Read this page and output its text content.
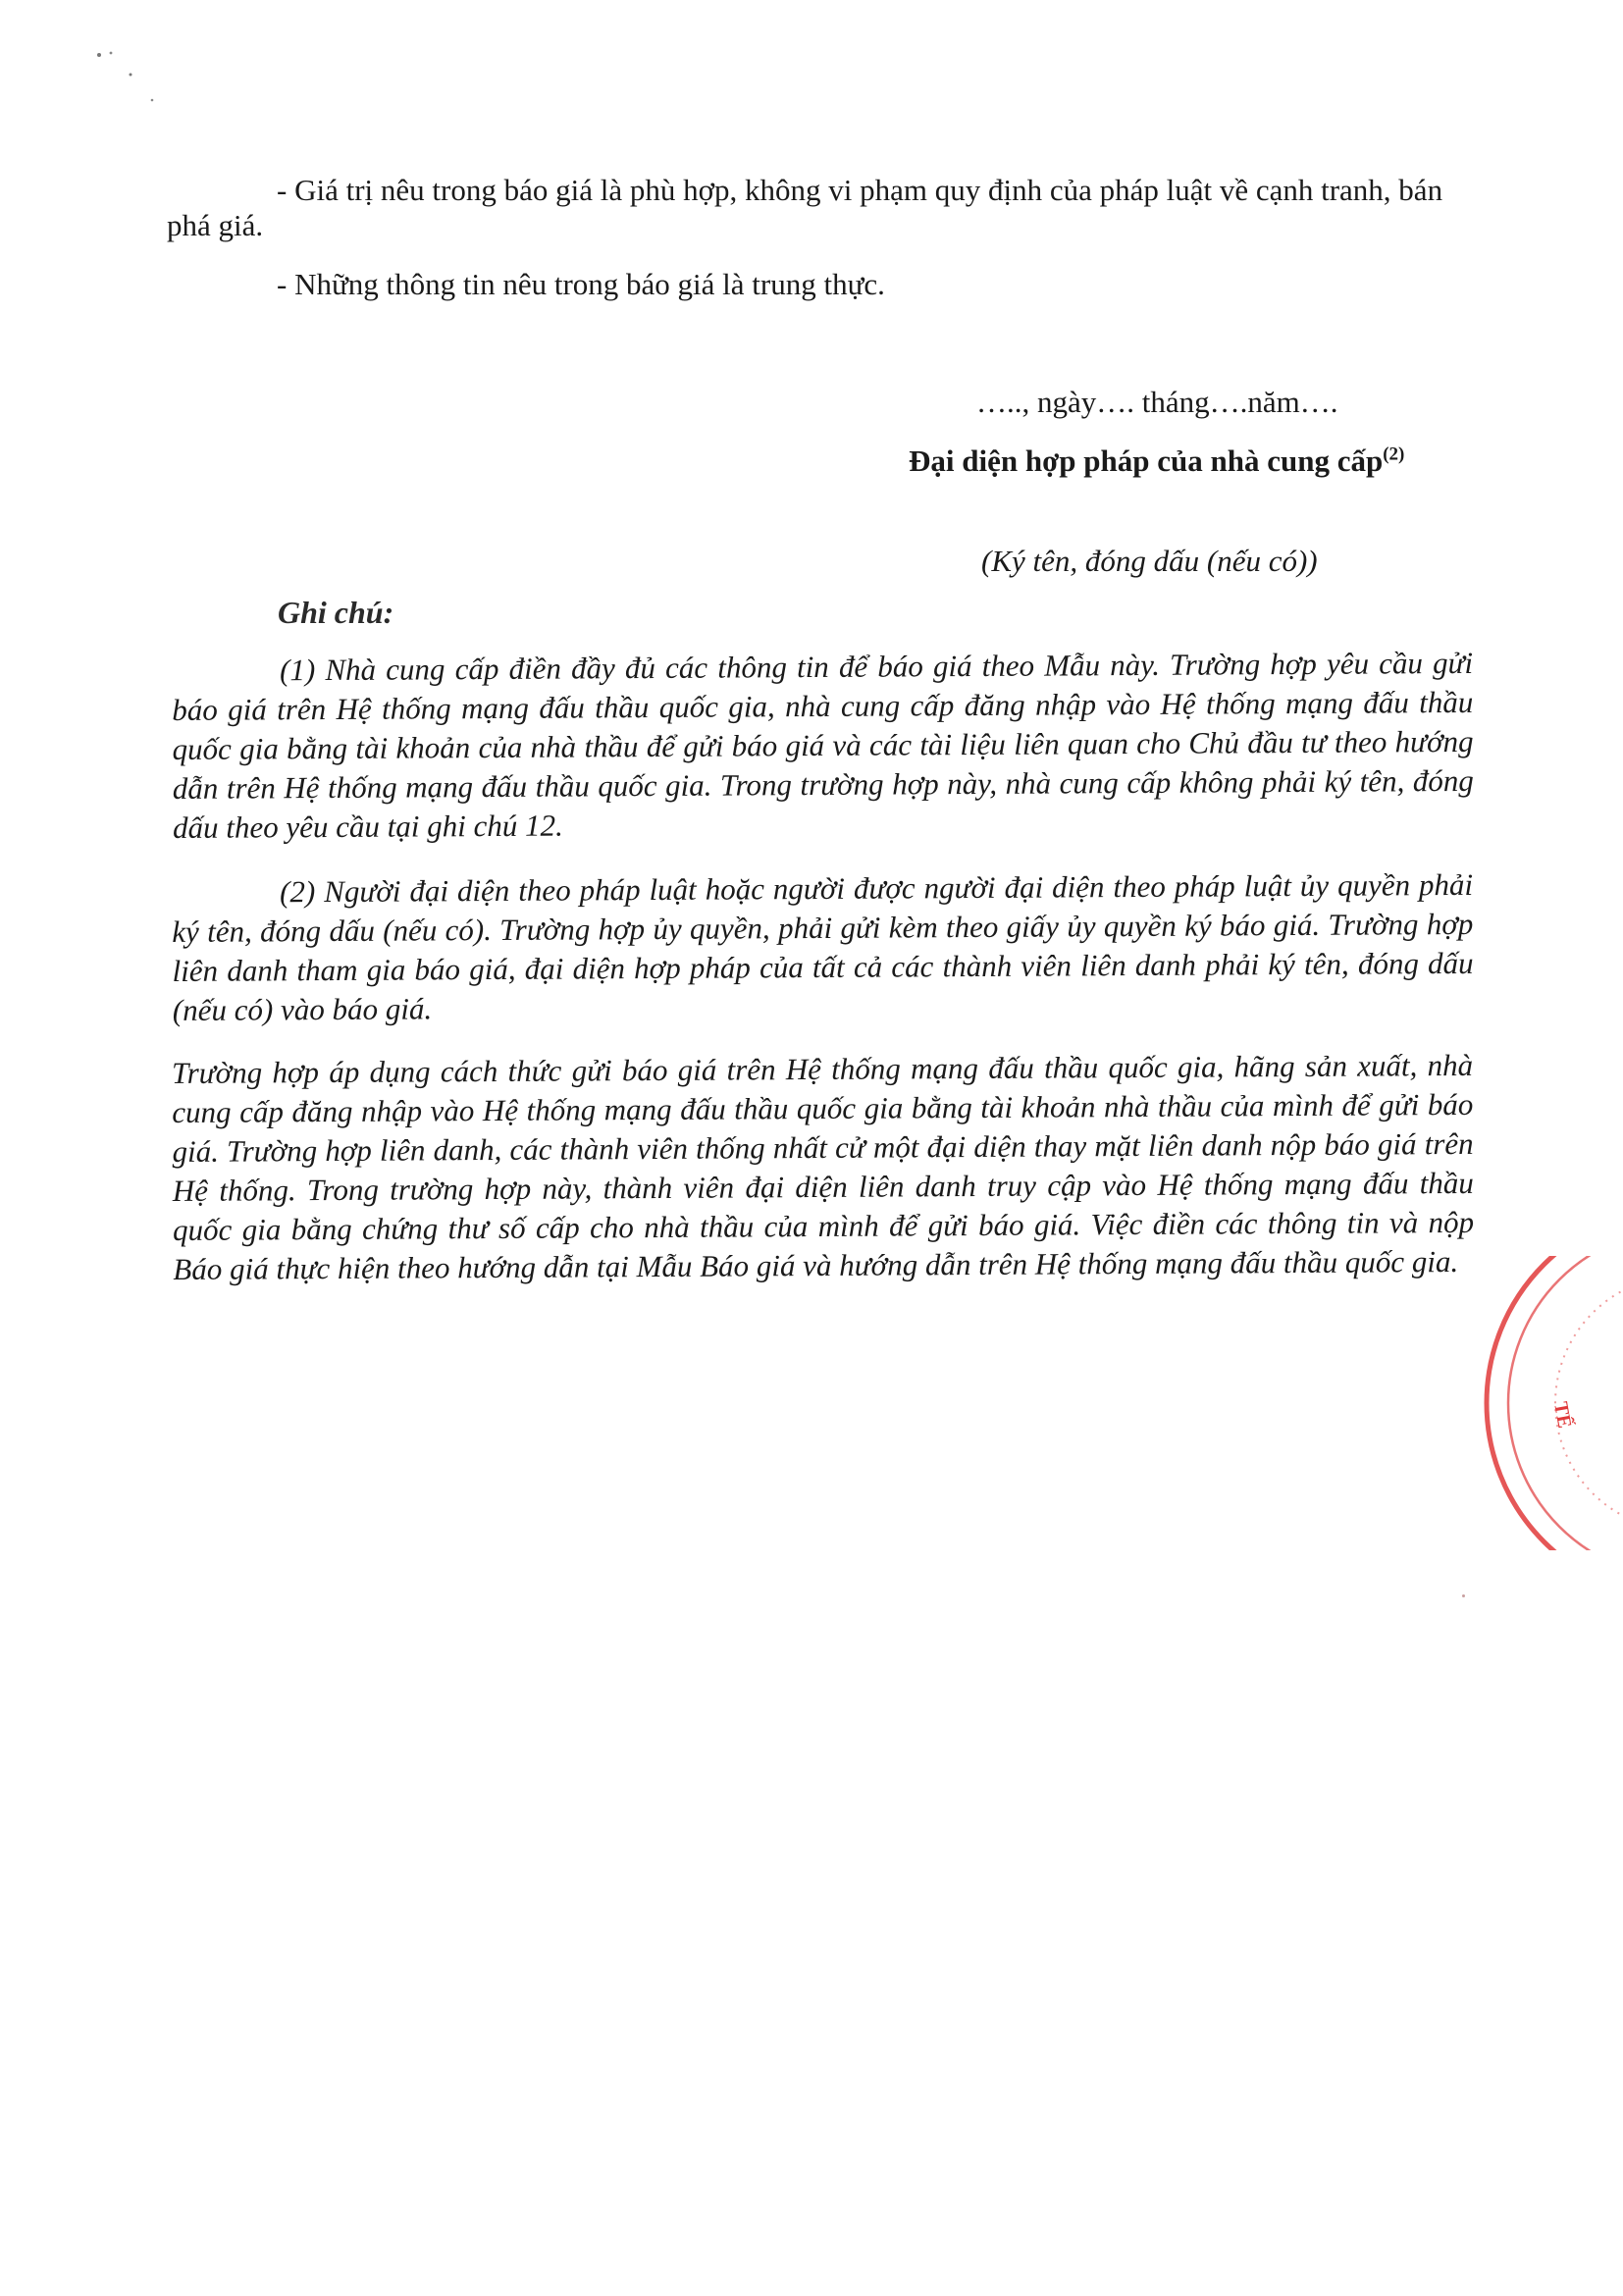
- Giá trị nêu trong báo giá là phù hợp, không vi phạm quy định của pháp luật về cạnh tranh, bán phá giá.

- Những thông tin nêu trong báo giá là trung thực.

….., ngày…. tháng….năm….

Đại diện hợp pháp của nhà cung cấp$^{(2)}$

(Ký tên, đóng dấu (nếu có))

Ghi chú:

(1) Nhà cung cấp điền đầy đủ các thông tin để báo giá theo Mẫu này. Trường hợp yêu cầu gửi báo giá trên Hệ thống mạng đấu thầu quốc gia, nhà cung cấp đăng nhập vào Hệ thống mạng đấu thầu quốc gia bằng tài khoản của nhà thầu để gửi báo giá và các tài liệu liên quan cho Chủ đầu tư theo hướng dẫn trên Hệ thống mạng đấu thầu quốc gia. Trong trường hợp này, nhà cung cấp không phải ký tên, đóng dấu theo yêu cầu tại ghi chú 12.

(2) Người đại diện theo pháp luật hoặc người được người đại diện theo pháp luật ủy quyền phải ký tên, đóng dấu (nếu có). Trường hợp ủy quyền, phải gửi kèm theo giấy ủy quyền ký báo giá. Trường hợp liên danh tham gia báo giá, đại diện hợp pháp của tất cả các thành viên liên danh phải ký tên, đóng dấu (nếu có) vào báo giá.

Trường hợp áp dụng cách thức gửi báo giá trên Hệ thống mạng đấu thầu quốc gia, hãng sản xuất, nhà cung cấp đăng nhập vào Hệ thống mạng đấu thầu quốc gia bằng tài khoản nhà thầu của mình để gửi báo giá. Trường hợp liên danh, các thành viên thống nhất cử một đại diện thay mặt liên danh nộp báo giá trên Hệ thống. Trong trường hợp này, thành viên đại diện liên danh truy cập vào Hệ thống mạng đấu thầu quốc gia bằng chứng thư số cấp cho nhà thầu của mình để gửi báo giá. Việc điền các thông tin và nộp Báo giá thực hiện theo hướng dẫn tại Mẫu Báo giá và hướng dẫn trên Hệ thống mạng đấu thầu quốc gia.

TẾ
